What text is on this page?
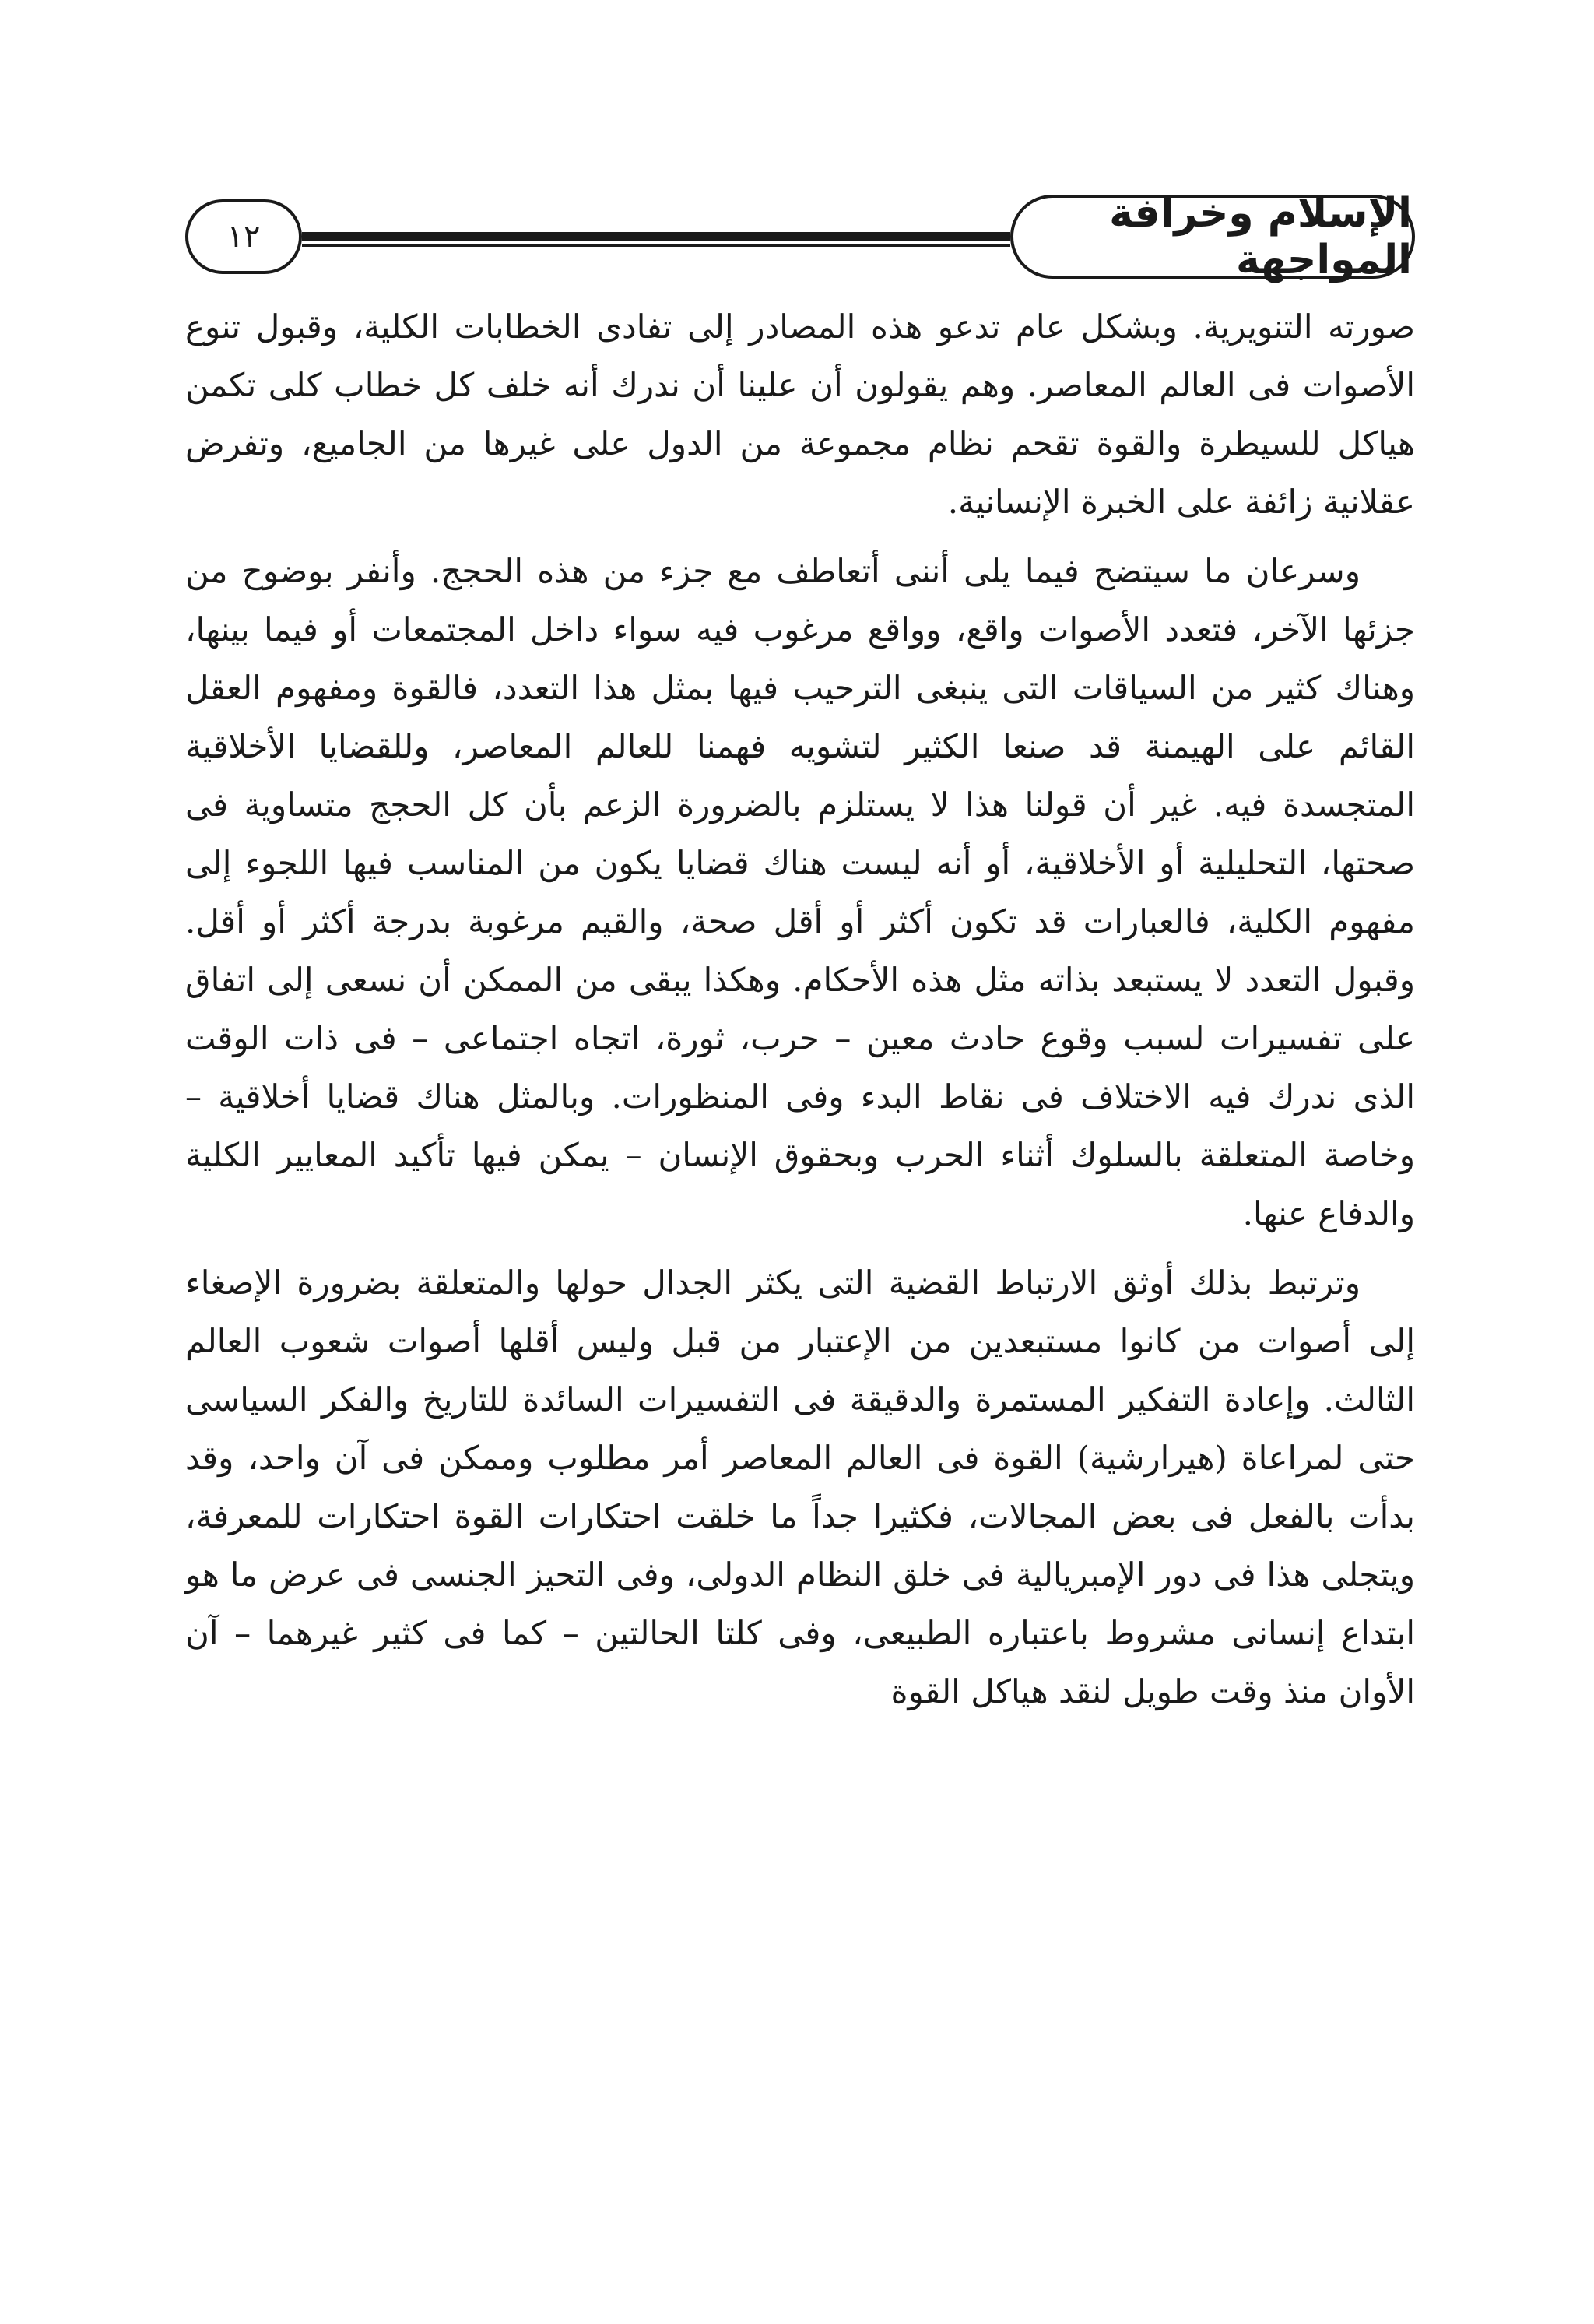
١٢	الإسلام وخرافة المواجهة

صورته التنويرية. وبشكل عام تدعو هذه المصادر إلى تفادى الخطابات الكلية، وقبول تنوع الأصوات فى العالم المعاصر. وهم يقولون أن علينا أن ندرك أنه خلف كل خطاب كلى تكمن هياكل للسيطرة والقوة تقحم نظام مجموعة من الدول على غيرها من الجاميع، وتفرض عقلانية زائفة على الخبرة الإنسانية.

وسرعان ما سيتضح فيما يلى أننى أتعاطف مع جزء من هذه الحجج. وأنفر بوضوح من جزئها الآخر، فتعدد الأصوات واقع، وواقع مرغوب فيه سواء داخل المجتمعات أو فيما بينها، وهناك كثير من السياقات التى ينبغى الترحيب فيها بمثل هذا التعدد، فالقوة ومفهوم العقل القائم على الهيمنة قد صنعا الكثير لتشويه فهمنا للعالم المعاصر، وللقضايا الأخلاقية المتجسدة فيه. غير أن قولنا هذا لا يستلزم بالضرورة الزعم بأن كل الحجج متساوية فى صحتها، التحليلية أو الأخلاقية، أو أنه ليست هناك قضايا يكون من المناسب فيها اللجوء إلى مفهوم الكلية، فالعبارات قد تكون أكثر أو أقل صحة، والقيم مرغوبة بدرجة أكثر أو أقل. وقبول التعدد لا يستبعد بذاته مثل هذه الأحكام. وهكذا يبقى من الممكن أن نسعى إلى اتفاق على تفسيرات لسبب وقوع حادث معين – حرب، ثورة، اتجاه اجتماعى – فى ذات الوقت الذى ندرك فيه الاختلاف فى نقاط البدء وفى المنظورات. وبالمثل هناك قضايا أخلاقية – وخاصة المتعلقة بالسلوك أثناء الحرب وبحقوق الإنسان – يمكن فيها تأكيد المعايير الكلية والدفاع عنها.

وترتبط بذلك أوثق الارتباط القضية التى يكثر الجدال حولها والمتعلقة بضرورة الإصغاء إلى أصوات من كانوا مستبعدين من الإعتبار من قبل وليس أقلها أصوات شعوب العالم الثالث. وإعادة التفكير المستمرة والدقيقة فى التفسيرات السائدة للتاريخ والفكر السياسى حتى لمراعاة (هيرارشية) القوة فى العالم المعاصر أمر مطلوب وممكن فى آن واحد، وقد بدأت بالفعل فى بعض المجالات، فكثيرا جداً ما خلقت احتكارات القوة احتكارات للمعرفة، ويتجلى هذا فى دور الإمبريالية فى خلق النظام الدولى، وفى التحيز الجنسى فى عرض ما هو ابتداع إنسانى مشروط باعتباره الطبيعى، وفى كلتا الحالتين – كما فى كثير غيرهما – آن الأوان منذ وقت طويل لنقد هياكل القوة
